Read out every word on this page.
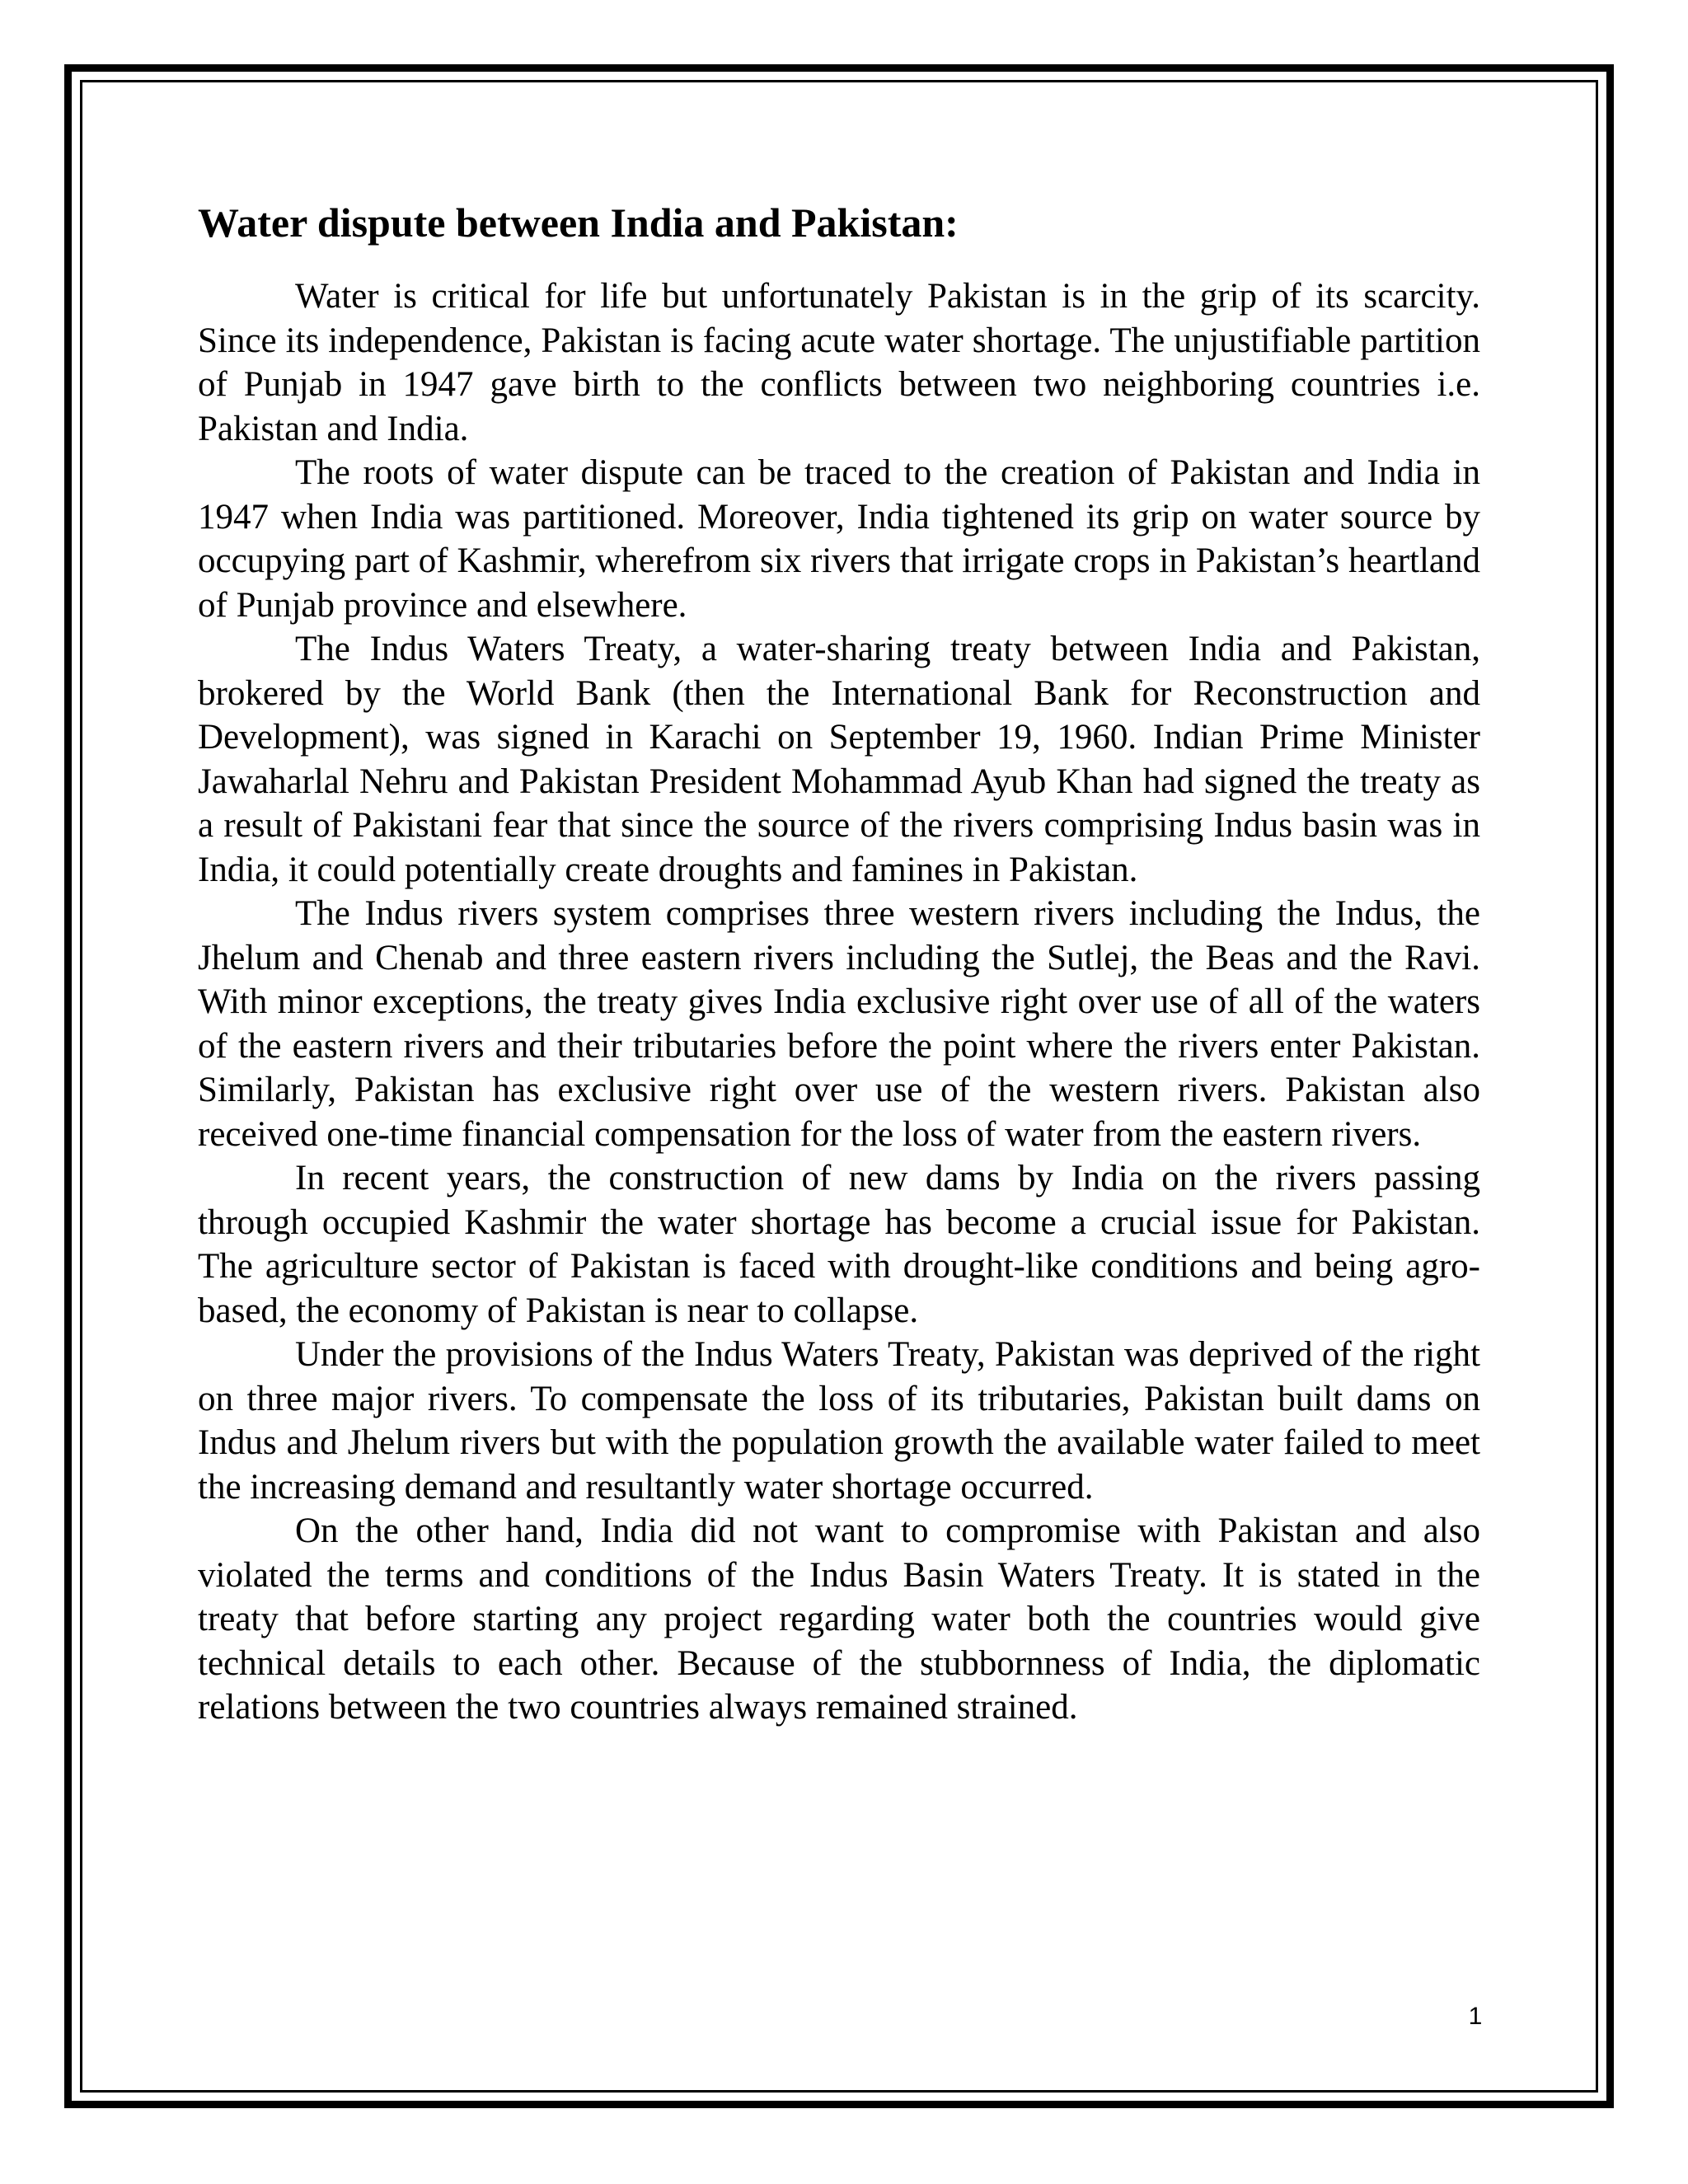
Water dispute between India and Pakistan:

Water is critical for life but unfortunately Pakistan is in the grip of its scarcity. Since its independence, Pakistan is facing acute water shortage. The unjustifiable partition of Punjab in 1947 gave birth to the conflicts between two neighboring countries i.e. Pakistan and India.

The roots of water dispute can be traced to the creation of Pakistan and India in 1947 when India was partitioned. Moreover, India tightened its grip on water source by occupying part of Kashmir, wherefrom six rivers that irrigate crops in Pakistan’s heartland of Punjab province and elsewhere.

The Indus Waters Treaty, a water-sharing treaty between India and Pakistan, brokered by the World Bank (then the International Bank for Reconstruction and Development), was signed in Karachi on September 19, 1960. Indian Prime Minister Jawaharlal Nehru and Pakistan President Mohammad Ayub Khan had signed the treaty as a result of Pakistani fear that since the source of the rivers comprising Indus basin was in India, it could potentially create droughts and famines in Pakistan.

The Indus rivers system comprises three western rivers including the Indus, the Jhelum and Chenab and three eastern rivers including the Sutlej, the Beas and the Ravi. With minor exceptions, the treaty gives India exclusive right over use of all of the waters of the eastern rivers and their tributaries before the point where the rivers enter Pakistan. Similarly, Pakistan has exclusive right over use of the western rivers. Pakistan also received one-time financial compensation for the loss of water from the eastern rivers.

In recent years, the construction of new dams by India on the rivers passing through occupied Kashmir the water shortage has become a crucial issue for Pakistan. The agriculture sector of Pakistan is faced with drought-like conditions and being agro-based, the economy of Pakistan is near to collapse.

Under the provisions of the Indus Waters Treaty, Pakistan was deprived of the right on three major rivers. To compensate the loss of its tributaries, Pakistan built dams on Indus and Jhelum rivers but with the population growth the available water failed to meet the increasing demand and resultantly water shortage occurred.

On the other hand, India did not want to compromise with Pakistan and also violated the terms and conditions of the Indus Basin Waters Treaty. It is stated in the treaty that before starting any project regarding water both the countries would give technical details to each other. Because of the stubbornness of India, the diplomatic relations between the two countries always remained strained.

1
